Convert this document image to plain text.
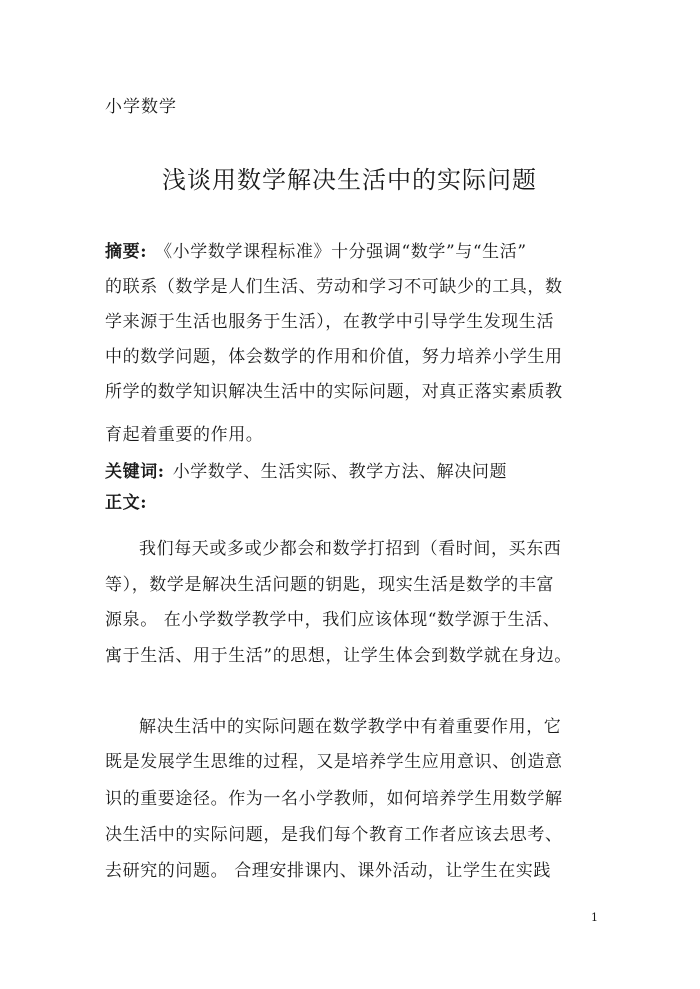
小学数学
浅谈用数学解决生活中的实际问题
摘要: 《小学数学课程标准》十分强调“数学”与“生活”
的联系（数学是人们生活、劳动和学习不可缺少的工具，数
学来源于生活也服务于生活），在教学中引导学生发现生活
中的数学问题，体会数学的作用和价值，努力培养小学生用
所学的数学知识解决生活中的实际问题，对真正落实素质教
育起着重要的作用。
关键词: 小学数学、生活实际、教学方法、解决问题
正文:
我们每天或多或少都会和数学打招到（看时间，买东西
等），数学是解决生活问题的钥匙，现实生活是数学的丰富
源泉。 在小学数学教学中，我们应该体现“数学源于生活、
寓于生活、用于生活”的思想，让学生体会到数学就在身边。
解决生活中的实际问题在数学教学中有着重要作用，它
既是发展学生思维的过程，又是培养学生应用意识、创造意
识的重要途径。作为一名小学教师，如何培养学生用数学解
决生活中的实际问题，是我们每个教育工作者应该去思考、
去研究的问题。 合理安排课内、课外活动，让学生在实践
1
